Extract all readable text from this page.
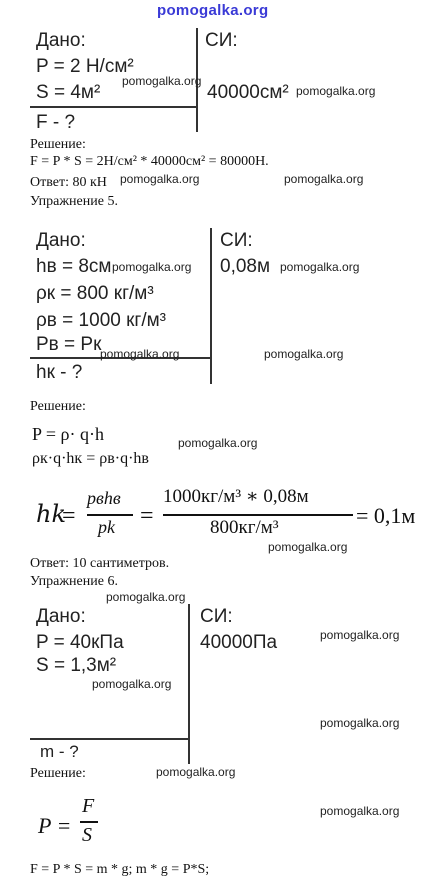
pomogalka.org
Дано:	СИ:
P = 2 Н/см²
S = 4м²	40000см²
F - ?
pomogalka.org
pomogalka.org
Решение:
F = P * S = 2Н/см² * 40000см² = 80000Н.
Ответ: 80 кН pomogalka.org	pomogalka.org
Упражнение 5.
Дано:	СИ:
hв = 8см	0,08м
ρк = 800 кг/м³
ρв = 1000 кг/м³
Pв = Pк
hк - ?
pomogalka.org	pomogalka.org
pomogalka.org	pomogalka.org
Решение:
P = ρ· q·h
ρк·q·hк = ρв·q·hв
pomogalka.org
hk
=
pвhв
pk =
1000кг/м³ ∗ 0,08м
800кг/м³	= 0,1м
pomogalka.org
Ответ: 10 сантиметров.
Упражнение 6.
pomogalka.org
Дано:	СИ:
P = 40кПа	40000Па
S = 1,3м²
m - ?
pomogalka.org
pomogalka.org
pomogalka.org
Решение:	pomogalka.org
P =
F
S
pomogalka.org
F = P * S = m * g; m * g = P*S;
